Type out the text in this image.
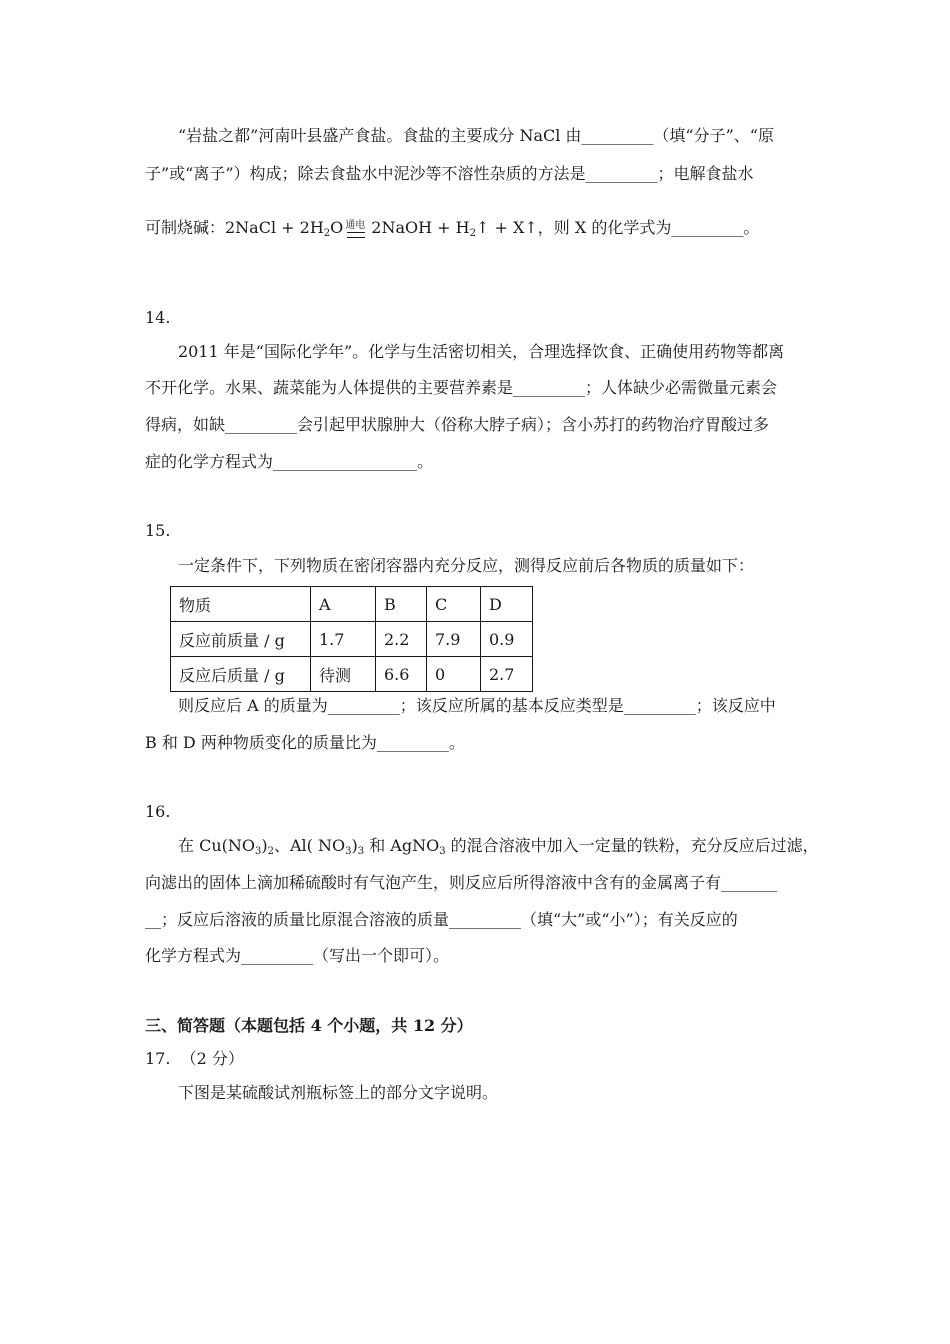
“岩盐之都”河南叶县盛产食盐。食盐的主要成分 NaCl 由_________（填“分子”、“原
子”或“离子”）构成；除去食盐水中泥沙等不溶性杂质的方法是_________；电解食盐水
可制烧碱：2NaCl + $2H_2O$ 通电 2NaOH + $H_2↑$ + X↑，则 X 的化学式为_________。
14.
2011 年是“国际化学年”。化学与生活密切相关，合理选择饮食、正确使用药物等都离
不开化学。水果、蔬菜能为人体提供的主要营养素是_________；人体缺少必需微量元素会
得病，如缺_________会引起甲状腺肿大（俗称大脖子病）；含小苏打的药物治疗胃酸过多
症的化学方程式为__________________。
15.
一定条件下，下列物质在密闭容器内充分反应，测得反应前后各物质的质量如下：
物质	A	B	C	D
反应前质量 / g	1.7	2.2	7.9	0.9
反应后质量 / g	待测	6.6	0	2.7
则反应后 A 的质量为_________；该反应所属的基本反应类型是_________；该反应中
B 和 D 两种物质变化的质量比为_________。
16.
在 $Cu(NO_3)_2$、Al( $NO_3)_3$ 和 AgNO$_3$ 的混合溶液中加入一定量的铁粉，充分反应后过滤，
向滤出的固体上滴加稀硫酸时有气泡产生，则反应后所得溶液中含有的金属离子有_______
__；反应后溶液的质量比原混合溶液的质量_________（填“大”或“小”）；有关反应的
化学方程式为_________（写出一个即可）。
三、简答题（本题包括 4 个小题，共 12 分）
17. （2 分）
下图是某硫酸试剂瓶标签上的部分文字说明。
